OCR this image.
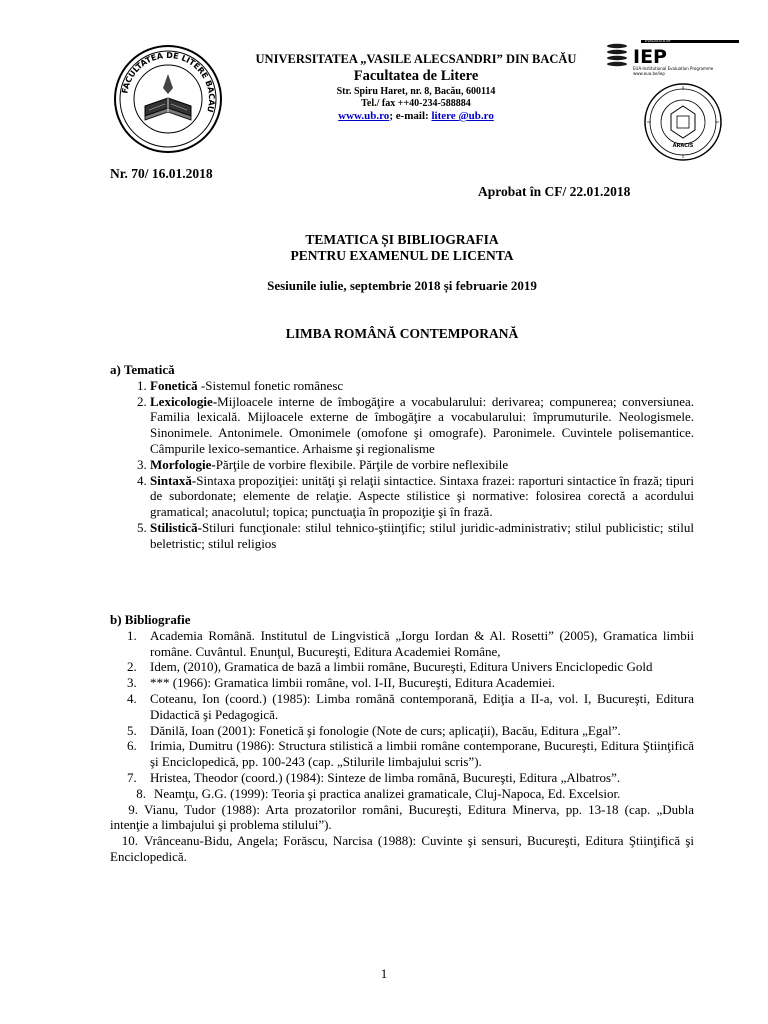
FACULTATEA DE LITERE BACĂU
UNIVERSITATEA „VASILE ALECSANDRI” DIN BACĂU
Facultatea de Litere
Str. Spiru Haret, nr. 8, Bacău, 600114
Tel./ fax ++40-234-588884
www.ub.ro; e-mail: litere @ub.ro
EVALUATED BY
IEP
EUA-Institutional Evaluation Programme
www.eua.be/iep
ARACIS
Nr. 70/ 16.01.2018
Aprobat în CF/ 22.01.2018
TEMATICA ȘI BIBLIOGRAFIA
PENTRU EXAMENUL DE LICENTA
Sesiunile iulie, septembrie 2018 și februarie 2019
LIMBA ROMÂNĂ CONTEMPORANĂ
a) Tematică
1. Fonetică -Sistemul fonetic românesc
2. Lexicologie-Mijloacele interne de îmbogăţire a vocabularului: derivarea; compunerea; conversiunea. Familia lexicală. Mijloacele externe de îmbogăţire a vocabularului: împrumuturile. Neologismele. Sinonimele. Antonimele. Omonimele (omofone şi omografe). Paronimele. Cuvintele polisemantice. Câmpurile lexico-semantice. Arhaisme şi regionalisme
3. Morfologie-Părţile de vorbire flexibile. Părţile de vorbire neflexibile
4. Sintaxă-Sintaxa propoziţiei: unităţi şi relaţii sintactice. Sintaxa frazei: raporturi sintactice în frază; tipuri de subordonate; elemente de relaţie. Aspecte stilistice şi normative: folosirea corectă a acordului gramatical; anacolutul; topica; punctuaţia în propoziţie şi în frază.
5. Stilistică-Stiluri funcţionale: stilul tehnico-ştiinţific; stilul juridic-administrativ; stilul publicistic; stilul beletristic; stilul religios
b) Bibliografie
1. Academia Română. Institutul de Lingvistică „Iorgu Iordan & Al. Rosetti” (2005), Gramatica limbii române. Cuvântul. Enunţul, Bucureşti, Editura Academiei Române,
2. Idem, (2010), Gramatica de bază a limbii române, Bucureşti, Editura Univers Enciclopedic Gold
3. *** (1966): Gramatica limbii române, vol. I-II, Bucureşti, Editura Academiei.
4. Coteanu, Ion (coord.) (1985): Limba română contemporană, Ediţia a II-a, vol. I, Bucureşti, Editura Didactică şi Pedagogică.
5. Dănilă, Ioan (2001): Fonetică şi fonologie (Note de curs; aplicaţii), Bacău, Editura „Egal”.
6. Irimia, Dumitru (1986): Structura stilistică a limbii române contemporane, Bucureşti, Editura Ştiinţifică şi Enciclopedică, pp. 100-243 (cap. „Stilurile limbajului scris”).
7. Hristea, Theodor (coord.) (1984): Sinteze de limba română, Bucureşti, Editura „Albatros”.
8. Neamţu, G.G. (1999): Teoria şi practica analizei gramaticale, Cluj-Napoca, Ed. Excelsior.
9. Vianu, Tudor (1988): Arta prozatorilor români, Bucureşti, Editura Minerva, pp. 13-18 (cap. „Dubla intenţie a limbajului şi problema stilului”).
10. Vrânceanu-Bidu, Angela; Forăscu, Narcisa (1988): Cuvinte şi sensuri, Bucureşti, Editura Ştiinţifică şi Enciclopedică.
1
